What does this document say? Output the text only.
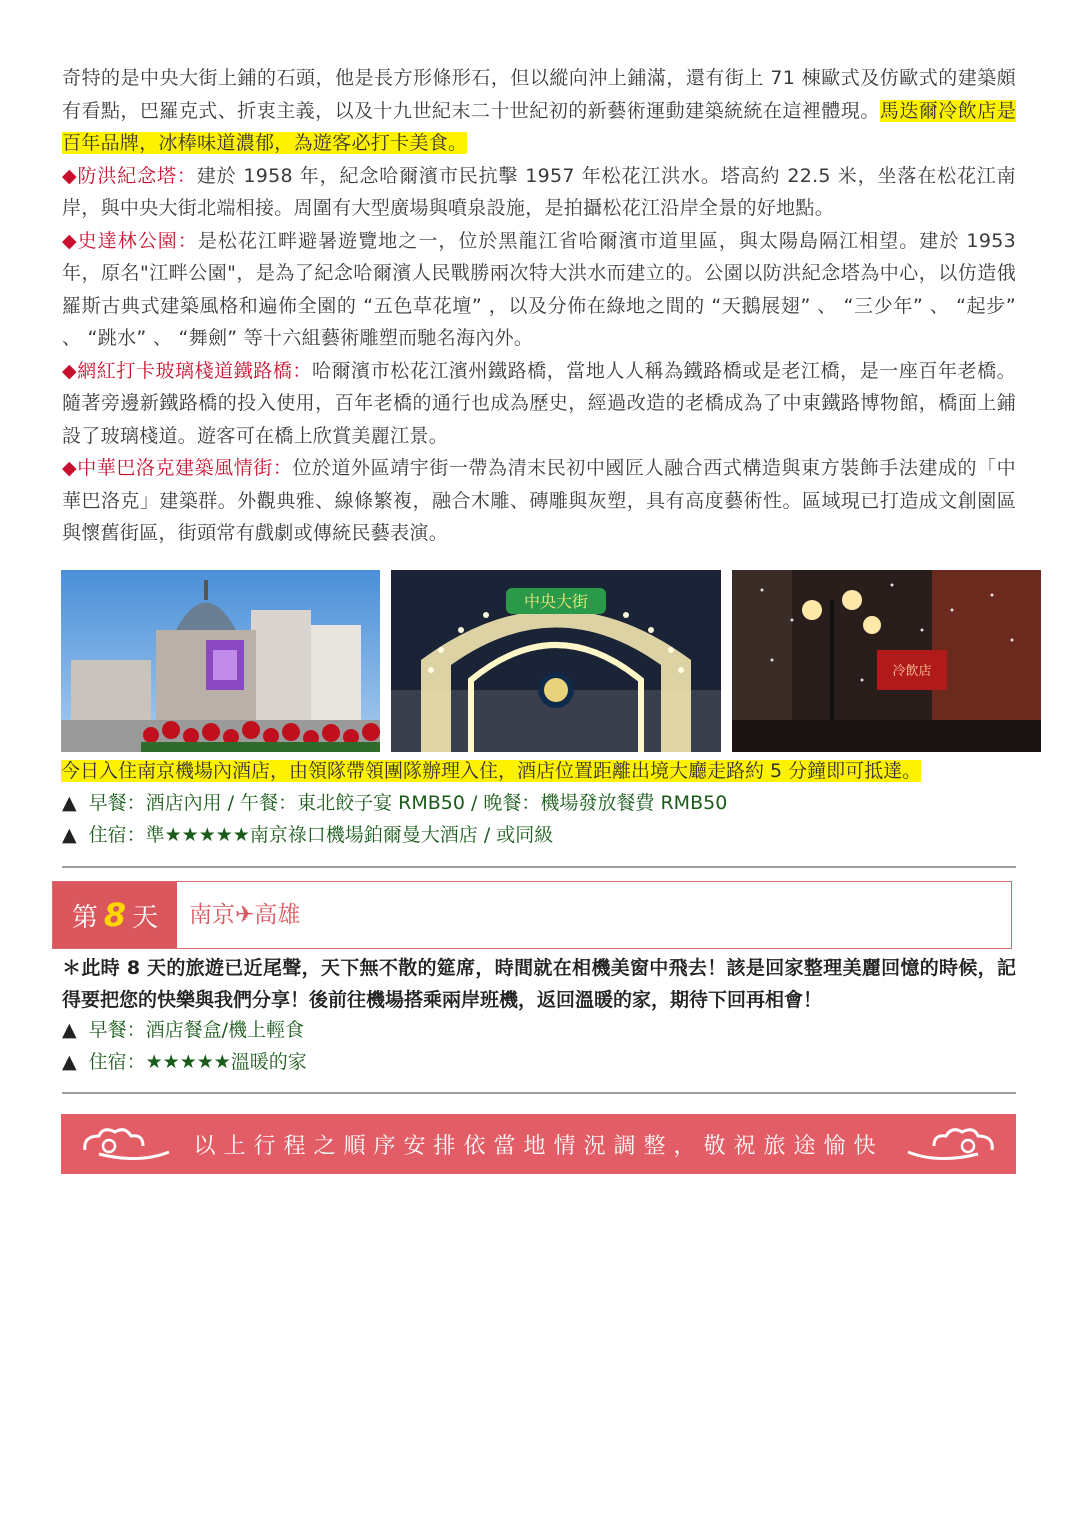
奇特的是中央大街上鋪的石頭，他是長方形條形石，但以縱向沖上鋪滿，還有街上 71 棟歐式及仿歐式的建築頗有看點，巴羅克式、折衷主義，以及十九世紀末二十世紀初的新藝術運動建築統統在這裡體現。馬迭爾冷飲店是百年品牌，冰棒味道濃郁，為遊客必打卡美食。

◆防洪紀念塔：建於 1958 年，紀念哈爾濱市民抗擊 1957 年松花江洪水。塔高約 22.5 米，坐落在松花江南岸，與中央大街北端相接。周圍有大型廣場與噴泉設施，是拍攝松花江沿岸全景的好地點。

◆史達林公園：是松花江畔避暑遊覽地之一，位於黑龍江省哈爾濱市道里區，與太陽島隔江相望。建於 1953 年，原名"江畔公園"，是為了紀念哈爾濱人民戰勝兩次特大洪水而建立的。公園以防洪紀念塔為中心，以仿造俄羅斯古典式建築風格和遍佈全園的 “五色草花壇” ，以及分佈在綠地之間的 “天鵝展翅” 、 “三少年” 、 “起步” 、 “跳水” 、 “舞劍” 等十六組藝術雕塑而馳名海內外。

◆網紅打卡玻璃棧道鐵路橋：哈爾濱市松花江濱州鐵路橋，當地人人稱為鐵路橋或是老江橋，是一座百年老橋。隨著旁邊新鐵路橋的投入使用，百年老橋的通行也成為歷史，經過改造的老橋成為了中東鐵路博物館，橋面上鋪設了玻璃棧道。遊客可在橋上欣賞美麗江景。

◆中華巴洛克建築風情街：位於道外區靖宇街一帶為清末民初中國匠人融合西式構造與東方裝飾手法建成的「中華巴洛克」建築群。外觀典雅、線條繁複，融合木雕、磚雕與灰塑，具有高度藝術性。區域現已打造成文創園區與懷舊街區，街頭常有戲劇或傳統民藝表演。

中央大街
冷飲店
今日入住南京機場內酒店，由領隊帶領團隊辦理入住，酒店位置距離出境大廳走路約 5 分鐘即可抵達。
▲ 早餐：酒店內用 / 午餐：東北餃子宴 RMB50 / 晚餐：機場發放餐費 RMB50
▲ 住宿：準★★★★★南京祿口機場鉑爾曼大酒店 / 或同級
第 8 天 南京✈高雄

＊此時 8 天的旅遊已近尾聲，天下無不散的筵席，時間就在相機美窗中飛去！該是回家整理美麗回憶的時候，記得要把您的快樂與我們分享！後前往機場搭乘兩岸班機，返回溫暖的家，期待下回再相會！

▲ 早餐：酒店餐盒/機上輕食
▲ 住宿：★★★★★溫暖的家
以上行程之順序安排依當地情況調整，敬祝旅途愉快
